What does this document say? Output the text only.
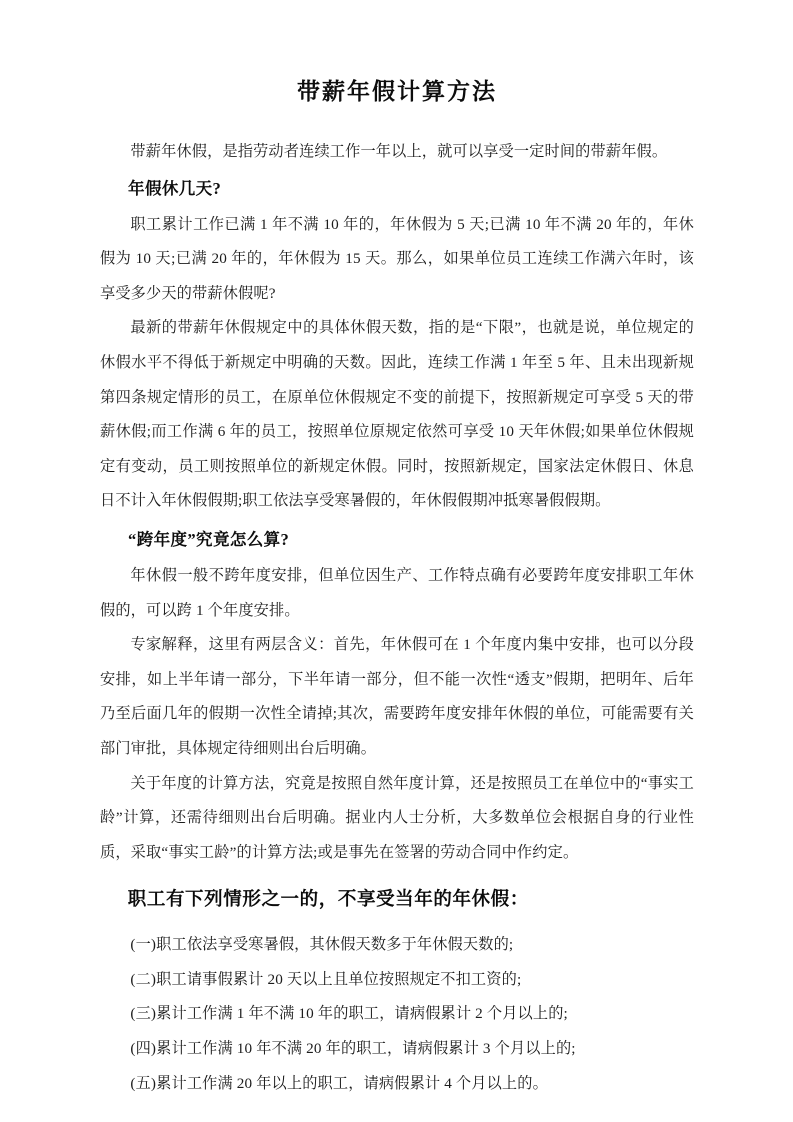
带薪年假计算方法

带薪年休假，是指劳动者连续工作一年以上，就可以享受一定时间的带薪年假。

年假休几天?

职工累计工作已满 1 年不满 10 年的，年休假为 5 天;已满 10 年不满 20 年的，年休假为 10 天;已满 20 年的，年休假为 15 天。那么，如果单位员工连续工作满六年时，该享受多少天的带薪休假呢?

最新的带薪年休假规定中的具体休假天数，指的是“下限”，也就是说，单位规定的休假水平不得低于新规定中明确的天数。因此，连续工作满 1 年至 5 年、且未出现新规第四条规定情形的员工，在原单位休假规定不变的前提下，按照新规定可享受 5 天的带薪休假;而工作满 6 年的员工，按照单位原规定依然可享受 10 天年休假;如果单位休假规定有变动，员工则按照单位的新规定休假。同时，按照新规定，国家法定休假日、休息日不计入年休假假期;职工依法享受寒暑假的，年休假假期冲抵寒暑假假期。

“跨年度”究竟怎么算?

年休假一般不跨年度安排，但单位因生产、工作特点确有必要跨年度安排职工年休假的，可以跨 1 个年度安排。

专家解释，这里有两层含义：首先，年休假可在 1 个年度内集中安排，也可以分段安排，如上半年请一部分，下半年请一部分，但不能一次性“透支”假期，把明年、后年乃至后面几年的假期一次性全请掉;其次，需要跨年度安排年休假的单位，可能需要有关部门审批，具体规定待细则出台后明确。

关于年度的计算方法，究竟是按照自然年度计算，还是按照员工在单位中的“事实工龄”计算，还需待细则出台后明确。据业内人士分析，大多数单位会根据自身的行业性质，采取“事实工龄”的计算方法;或是事先在签署的劳动合同中作约定。

职工有下列情形之一的，不享受当年的年休假：

(一)职工依法享受寒暑假，其休假天数多于年休假天数的;

(二)职工请事假累计 20 天以上且单位按照规定不扣工资的;

(三)累计工作满 1 年不满 10 年的职工，请病假累计 2 个月以上的;

(四)累计工作满 10 年不满 20 年的职工，请病假累计 3 个月以上的;

(五)累计工作满 20 年以上的职工，请病假累计 4 个月以上的。
